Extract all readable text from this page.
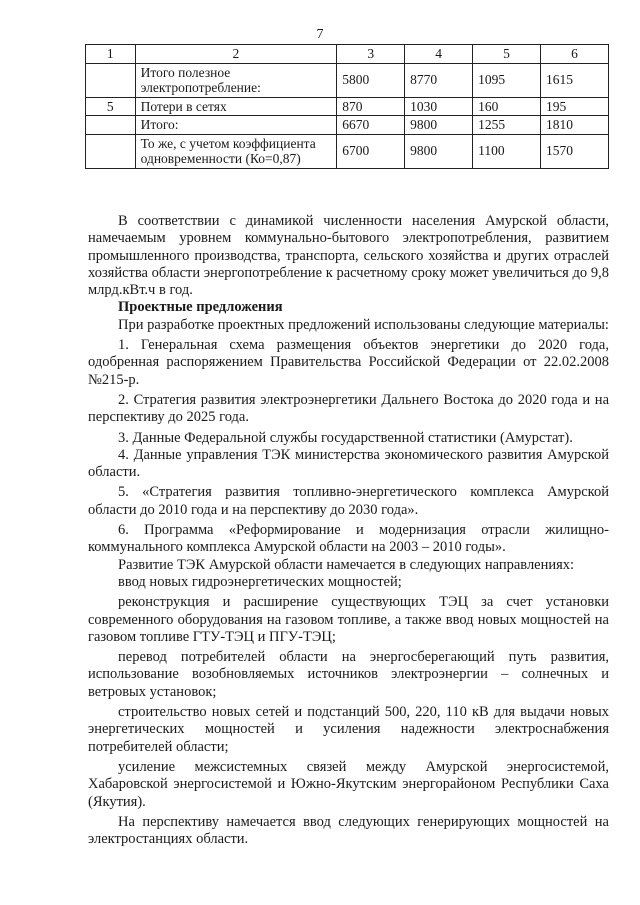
7
1	2	3	4	5	6
	Итого полезное электропотребление:	5800	8770	1095	1615
5	Потери в сетях	870	1030	160	195
	Итого:	6670	9800	1255	1810
	То же, с учетом коэффициента одновременности (Ко=0,87)	6700	9800	1100	1570

В соответствии с динамикой численности населения Амурской области, намечаемым уровнем коммунально-бытового электропотребления, развитием промышленного производства, транспорта, сельского хозяйства и других отраслей хозяйства области энергопотребление к расчетному сроку может увеличиться до 9,8 млрд.кВт.ч в год.

Проектные предложения

При разработке проектных предложений использованы следующие материалы:

1. Генеральная схема размещения объектов энергетики до 2020 года, одобренная распоряжением Правительства Российской Федерации от 22.02.2008 №215-р.

2. Стратегия развития электроэнергетики Дальнего Востока до 2020 года и на перспективу до 2025 года.

3. Данные Федеральной службы государственной статистики (Амурстат).

4. Данные управления ТЭК министерства экономического развития Амурской области.

5. «Стратегия развития топливно-энергетического комплекса Амурской области до 2010 года и на перспективу до 2030 года».

6. Программа «Реформирование и модернизация отрасли жилищно-коммунального комплекса Амурской области на 2003 – 2010 годы».

Развитие ТЭК Амурской области намечается в следующих направлениях:

ввод новых гидроэнергетических мощностей;

реконструкция и расширение существующих ТЭЦ за счет установки современного оборудования на газовом топливе, а также ввод новых мощностей на газовом топливе ГТУ-ТЭЦ и ПГУ-ТЭЦ;

перевод потребителей области на энергосберегающий путь развития, использование возобновляемых источников электроэнергии – солнечных и ветровых установок;

строительство новых сетей и подстанций 500, 220, 110 кВ для выдачи новых энергетических мощностей и усиления надежности электроснабжения потребителей области;

усиление межсистемных связей между Амурской энергосистемой, Хабаровской энергосистемой и Южно-Якутским энергорайоном Республики Саха (Якутия).

На перспективу намечается ввод следующих генерирующих мощностей на электростанциях области.
